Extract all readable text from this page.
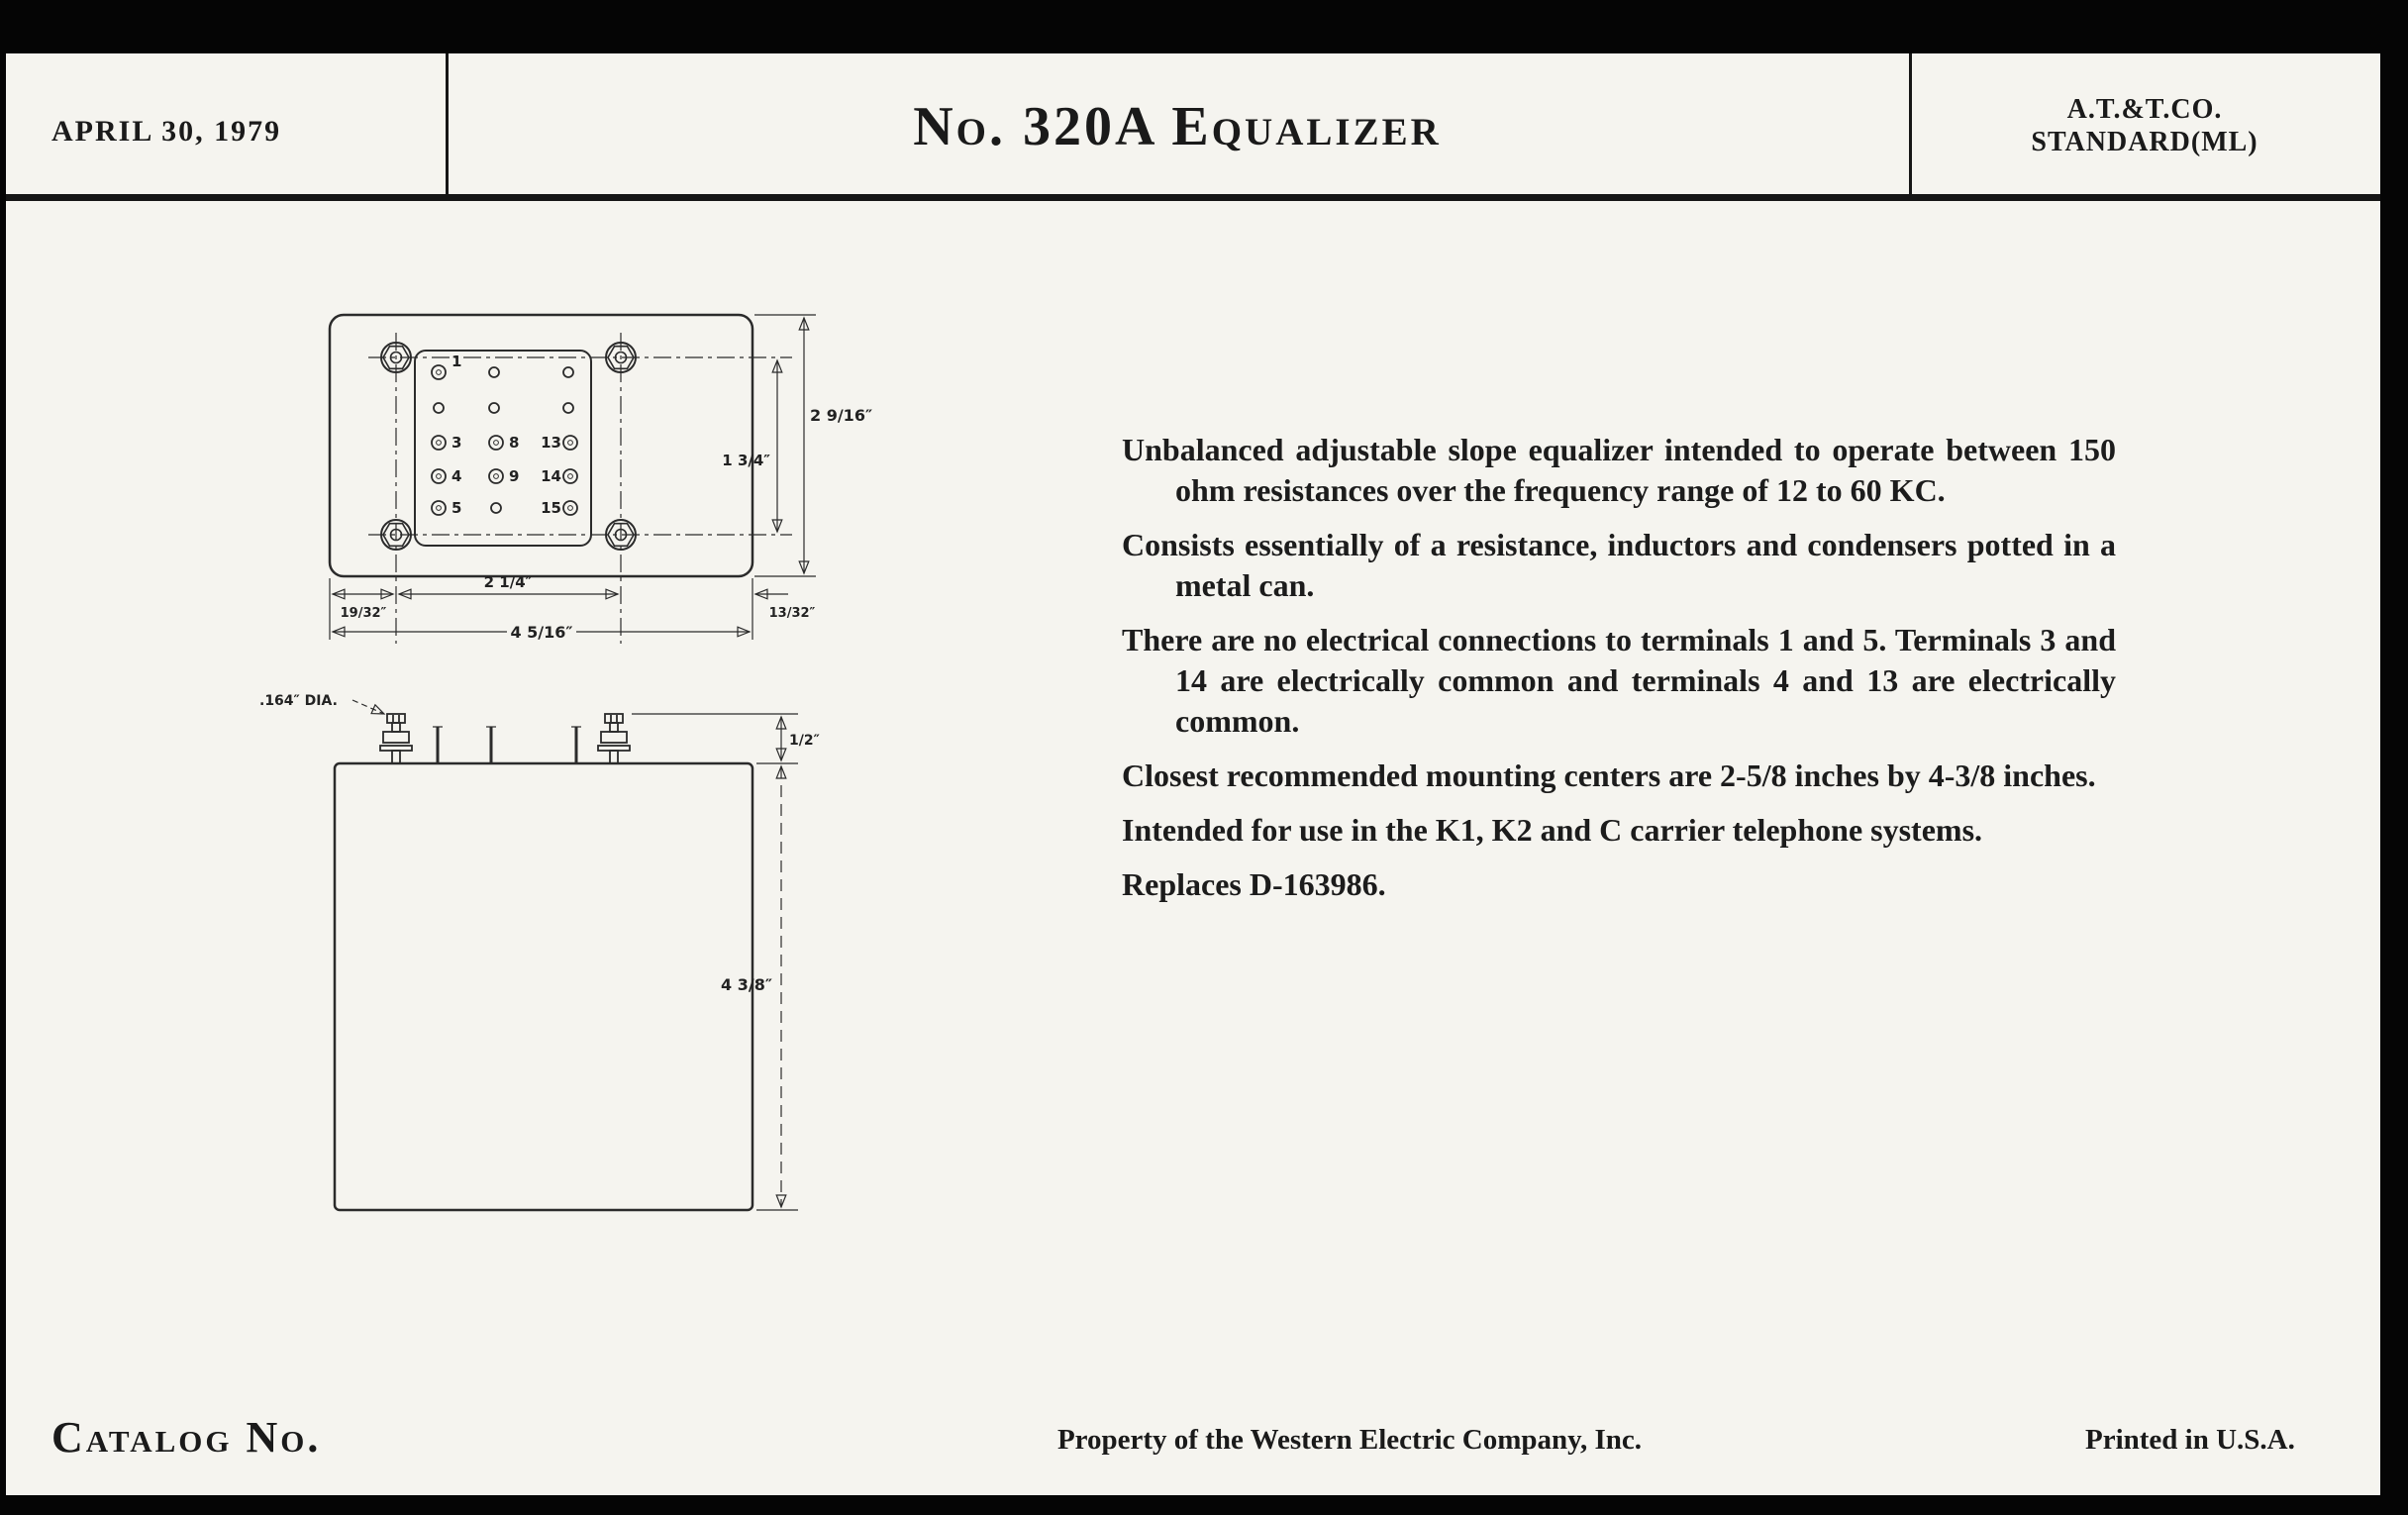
APRIL 30, 1979	No. 320A Equalizer	A.T.&T.CO.
STANDARD(ML)
1
3	8 13
4	9 14
5	15
2 9/16″
1 3/4″
19/32″
2 1/4″
13/32″
4 5/16″
.164″ DIA.
1/2″
4 3/8″

Unbalanced adjustable slope equalizer intended to operate between 150 ohm resistances over the frequency range of 12 to 60 KC.

Consists essentially of a resistance, inductors and condensers potted in a metal can.

There are no electrical connections to terminals 1 and 5. Terminals 3 and 14 are electrically common and terminals 4 and 13 are electrically common.

Closest recommended mounting centers are 2-5/8 inches by 4-3/8 inches.

Intended for use in the K1, K2 and C carrier telephone systems.

Replaces D-163986.

Catalog No.	Property of the Western Electric Company, Inc.	Printed in U.S.A.
